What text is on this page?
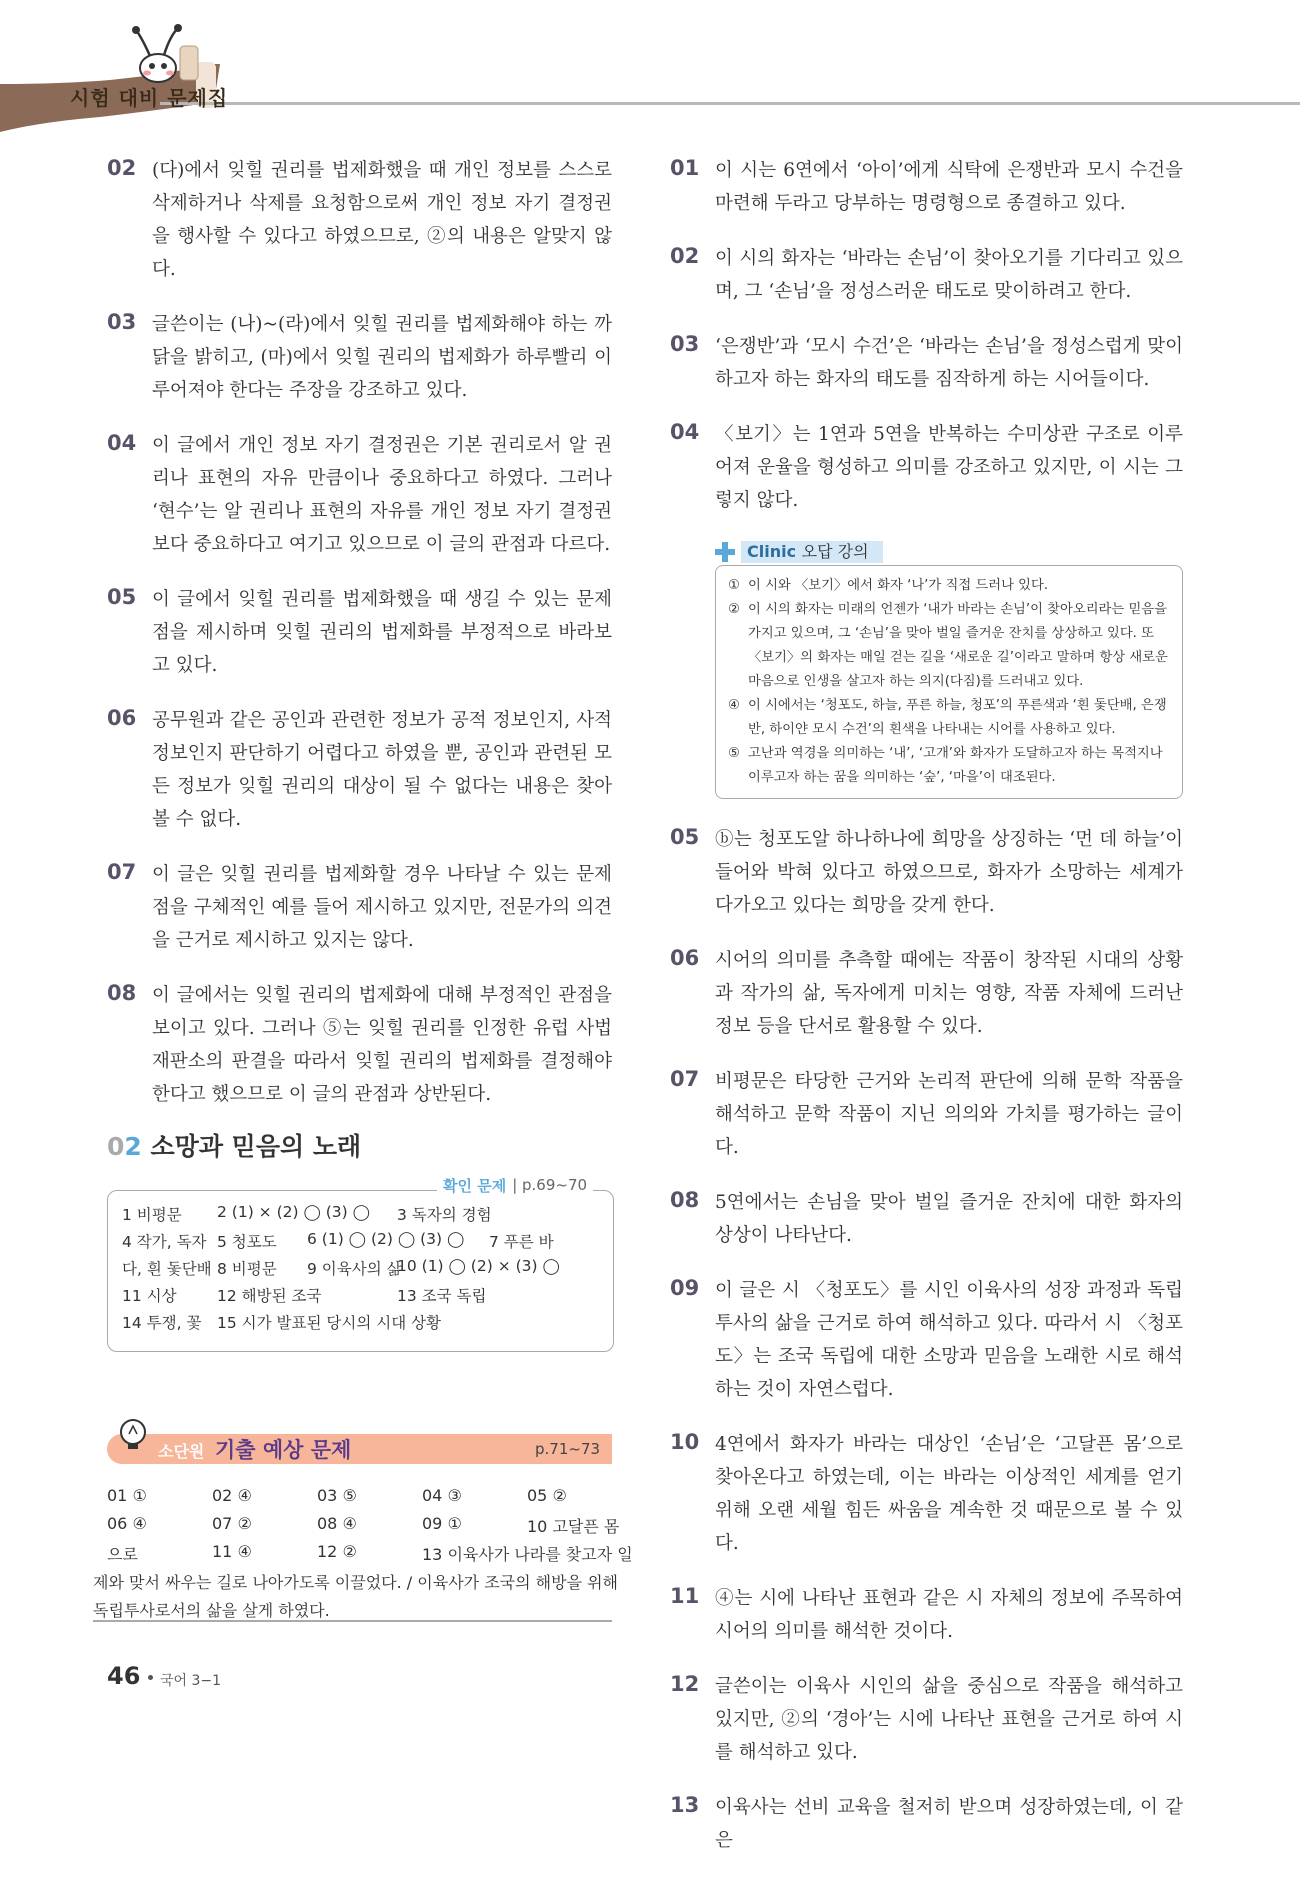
시험 대비 문제집
02 (다)에서 잊힐 권리를 법제화했을 때 개인 정보를 스스로 삭제하거나 삭제를 요청함으로써 개인 정보 자기 결정권을 행사할 수 있다고 하였으므로, ②의 내용은 알맞지 않다.
03 글쓴이는 (나)~(라)에서 잊힐 권리를 법제화해야 하는 까닭을 밝히고, (마)에서 잊힐 권리의 법제화가 하루빨리 이루어져야 한다는 주장을 강조하고 있다.
04 이 글에서 개인 정보 자기 결정권은 기본 권리로서 알 권리나 표현의 자유 만큼이나 중요하다고 하였다. 그러나 ‘현수’는 알 권리나 표현의 자유를 개인 정보 자기 결정권보다 중요하다고 여기고 있으므로 이 글의 관점과 다르다.
05 이 글에서 잊힐 권리를 법제화했을 때 생길 수 있는 문제점을 제시하며 잊힐 권리의 법제화를 부정적으로 바라보고 있다.
06 공무원과 같은 공인과 관련한 정보가 공적 정보인지, 사적 정보인지 판단하기 어렵다고 하였을 뿐, 공인과 관련된 모든 정보가 잊힐 권리의 대상이 될 수 없다는 내용은 찾아볼 수 없다.
07 이 글은 잊힐 권리를 법제화할 경우 나타날 수 있는 문제점을 구체적인 예를 들어 제시하고 있지만, 전문가의 의견을 근거로 제시하고 있지는 않다.
08 이 글에서는 잊힐 권리의 법제화에 대해 부정적인 관점을 보이고 있다. 그러나 ⑤는 잊힐 권리를 인정한 유럽 사법 재판소의 판결을 따라서 잊힐 권리의 법제화를 결정해야 한다고 했으므로 이 글의 관점과 상반된다.
02 소망과 믿음의 노래
확인 문제 | p.69~70
1 비평문 2 (1) × (2) ◯ (3) ◯ 3 독자의 경험
4 작가, 독자 5 청포도 6 (1) ◯ (2) ◯ (3) ◯ 7 푸른 바
다, 흰 돛단배 8 비평문 9 이육사의 삶
10 (1) ◯ (2) × (3) ◯
11 시상	12 해방된 조국	13 조국 독립
14 투쟁, 꽃 15 시가 발표된 당시의 시대 상황
소단원 기출 예상 문제	p.71~73
01 ①	02 ④	03 ⑤	04 ③	05 ②
06 ④	07 ②	08 ④	09 ①	10 고달픈 몸
으로	11 ④	12 ②	13 이육사가 나라를 찾고자 일
제와 맞서 싸우는 길로 나아가도록 이끌었다. / 이육사가 조국의 해방을 위해
독립투사로서의 삶을 살게 하였다.
01 이 시는 6연에서 ‘아이’에게 식탁에 은쟁반과 모시 수건을 마련해 두라고 당부하는 명령형으로 종결하고 있다.
02 이 시의 화자는 ‘바라는 손님’이 찾아오기를 기다리고 있으며, 그 ‘손님’을 정성스러운 태도로 맞이하려고 한다.
03 ‘은쟁반’과 ‘모시 수건’은 ‘바라는 손님’을 정성스럽게 맞이하고자 하는 화자의 태도를 짐작하게 하는 시어들이다.
04 〈보기〉는 1연과 5연을 반복하는 수미상관 구조로 이루어져 운율을 형성하고 의미를 강조하고 있지만, 이 시는 그렇지 않다.
Clinic 오답 강의
① 이 시와 〈보기〉에서 화자 ‘나’가 직접 드러나 있다.
② 이 시의 화자는 미래의 언젠가 ‘내가 바라는 손님’이 찾아오리라는 믿음을 가지고 있으며, 그 ‘손님’을 맞아 벌일 즐거운 잔치를 상상하고 있다. 또 〈보기〉의 화자는 매일 걷는 길을 ‘새로운 길’이라고 말하며 항상 새로운 마음으로 인생을 살고자 하는 의지(다짐)를 드러내고 있다.
④ 이 시에서는 ‘청포도, 하늘, 푸른 하늘, 청포’의 푸른색과 ‘흰 돛단배, 은쟁반, 하이얀 모시 수건’의 흰색을 나타내는 시어를 사용하고 있다.
⑤ 고난과 역경을 의미하는 ‘내’, ‘고개’와 화자가 도달하고자 하는 목적지나 이루고자 하는 꿈을 의미하는 ‘숲’, ‘마을’이 대조된다.
05 ⓑ는 청포도알 하나하나에 희망을 상징하는 ‘먼 데 하늘’이 들어와 박혀 있다고 하였으므로, 화자가 소망하는 세계가 다가오고 있다는 희망을 갖게 한다.
06 시어의 의미를 추측할 때에는 작품이 창작된 시대의 상황과 작가의 삶, 독자에게 미치는 영향, 작품 자체에 드러난 정보 등을 단서로 활용할 수 있다.
07 비평문은 타당한 근거와 논리적 판단에 의해 문학 작품을 해석하고 문학 작품이 지닌 의의와 가치를 평가하는 글이다.
08 5연에서는 손님을 맞아 벌일 즐거운 잔치에 대한 화자의 상상이 나타난다.
09 이 글은 시 〈청포도〉를 시인 이육사의 성장 과정과 독립투사의 삶을 근거로 하여 해석하고 있다. 따라서 시 〈청포도〉는 조국 독립에 대한 소망과 믿음을 노래한 시로 해석하는 것이 자연스럽다.
10 4연에서 화자가 바라는 대상인 ‘손님’은 ‘고달픈 몸’으로 찾아온다고 하였는데, 이는 바라는 이상적인 세계를 얻기 위해 오랜 세월 힘든 싸움을 계속한 것 때문으로 볼 수 있다.
11 ④는 시에 나타난 표현과 같은 시 자체의 정보에 주목하여 시어의 의미를 해석한 것이다.
12 글쓴이는 이육사 시인의 삶을 중심으로 작품을 해석하고 있지만, ②의 ‘경아’는 시에 나타난 표현을 근거로 하여 시를 해석하고 있다.
13 이육사는 선비 교육을 철저히 받으며 성장하였는데, 이 같은
46 국어 3−1
